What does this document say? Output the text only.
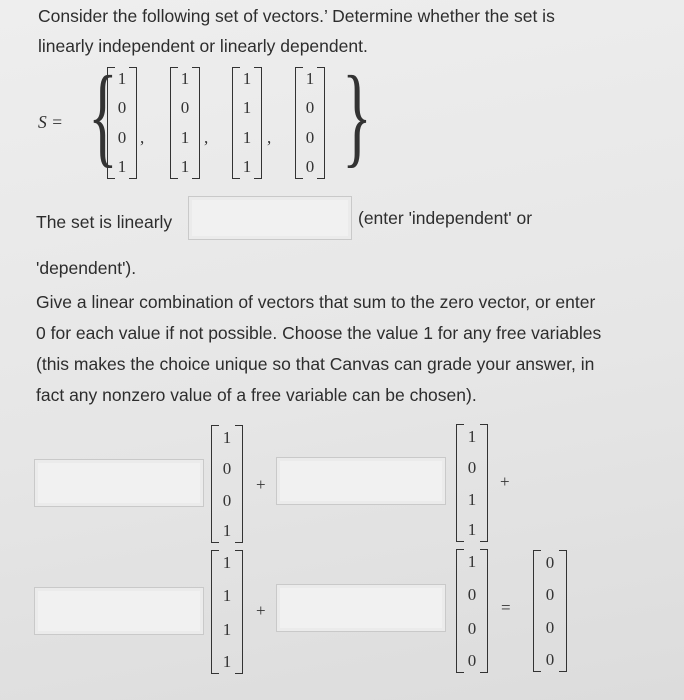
Consider the following set of vectors.’ Determine whether the set is
linearly independent or linearly dependent.
S = { }
1
0
0
1
,
1
0
1
1
,
1
1
1
1
,
1
0
0
0
The set is linearly	(enter 'independent' or
'dependent').
Give a linear combination of vectors that sum to the zero vector, or enter
0 for each value if not possible. Choose the value 1 for any free variables
(this makes the choice unique so that Canvas can grade your answer, in
fact any nonzero value of a free variable can be chosen).
1
0
0
1
+
1
0
1
1
+
1
1
1
1
+
1
0
0
0
=
0
0
0
0
